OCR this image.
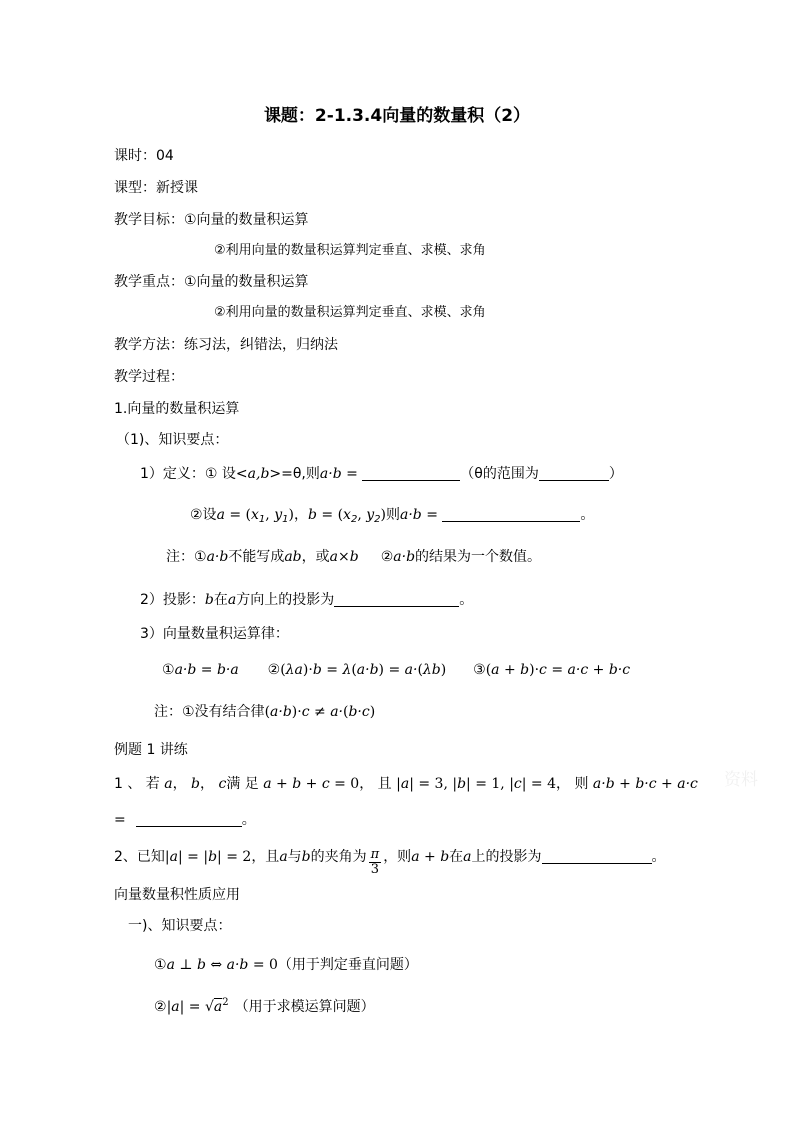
课题：2-1.3.4向量的数量积（2）
课时：04
课型：新授课
教学目标：①向量的数量积运算
②利用向量的数量积运算判定垂直、求模、求角
教学重点：①向量的数量积运算
②利用向量的数量积运算判定垂直、求模、求角
教学方法：练习法，纠错法，归纳法
教学过程：
1.向量的数量积运算
（1)、知识要点：
1）定义：① 设<a,b>=θ,则a·b =	（θ的范围为	）
②设$a = (x_1$, $y_1$)，$b = (x_2$, $y_2$)则a·b =	。
注：①a·b不能写成ab，或a×b ②a·b的结果为一个数值。
2）投影：b在a方向上的投影为	。
3）向量数量积运算律：
①a·b = b·a ②(λa)·b = λ(a·b) = a·(λb) ③(a + b)·c = a·c + b·c
注：①没有结合律(a·b)·c ≠ a·(b·c)
例题 1 讲练
1 、 若 a， b， c满 足 a + b + c = 0， 且 |a| = 3, |b| = 1, |c| = 4， 则 a·b + b·c + a·c
=	。
2、已知|a| = |b| = 2，且a与b的夹角为 $\frac{\pi}{3}$ ，则a + b在a上的投影为	。
向量数量积性质应用
一)、知识要点：
①a ⊥ b ⇔ a·b = 0（用于判定垂直问题）
②|a| = $√a^2$ （用于求模运算问题）
资料
